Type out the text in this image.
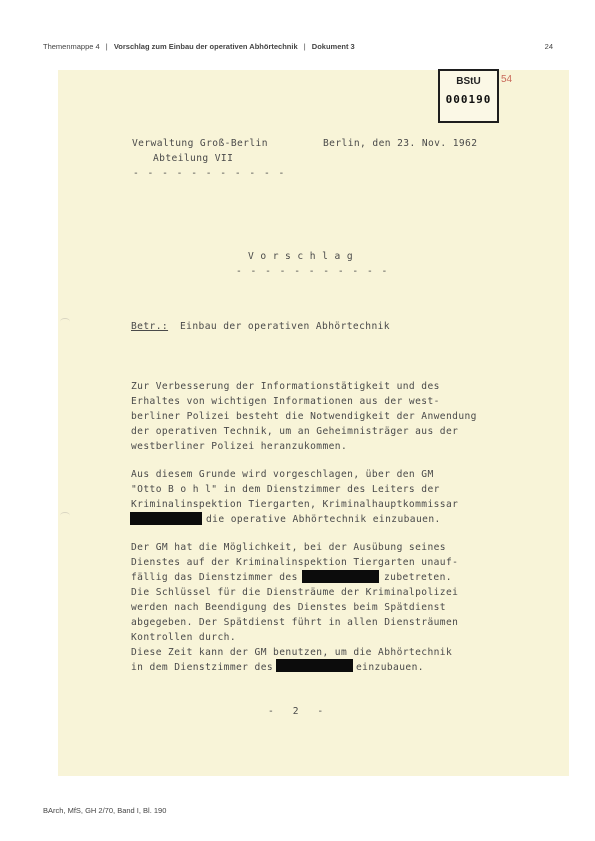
Themenmappe 4 | Vorschlag zum Einbau der operativen Abhörtechnik | Dokument 3	24
BStU
000190
54
Verwaltung Groß-Berlin
Abteilung VII
- - - - - - - - - - -
Berlin, den 23. Nov. 1962
V o r s c h l a g
- - - - - - - - - - -
Betr.: Einbau der operativen Abhörtechnik
Zur Verbesserung der Informationstätigkeit und des
Erhaltes von wichtigen Informationen aus der west-
berliner Polizei besteht die Notwendigkeit der Anwendung
der operativen Technik, um an Geheimnisträger aus der
westberliner Polizei heranzukommen.
Aus diesem Grunde wird vorgeschlagen, über den GM
"Otto B o h l" in dem Dienstzimmer des Leiters der
Kriminalinspektion Tiergarten, Kriminalhauptkommissar
die operative Abhörtechnik einzubauen.
Der GM hat die Möglichkeit, bei der Ausübung seines
Dienstes auf der Kriminalinspektion Tiergarten unauf-
fällig das Dienstzimmer des	zubetreten.
Die Schlüssel für die Diensträume der Kriminalpolizei
werden nach Beendigung des Dienstes beim Spätdienst
abgegeben. Der Spätdienst führt in allen Diensträumen
Kontrollen durch.
Diese Zeit kann der GM benutzen, um die Abhörtechnik
in dem Dienstzimmer des	einzubauen.
-   2   -
BArch, MfS, GH 2/70, Band I, Bl. 190
